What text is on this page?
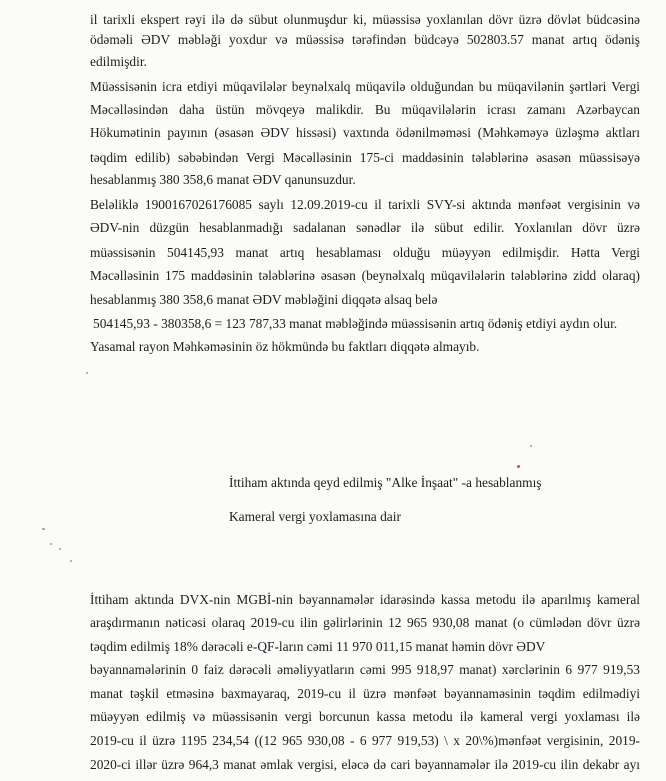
il tarixli ekspert rəyi ilə də sübut olunmuşdur ki, müəssisə yoxlanılan dövr üzrə dövlət büdcəsinə
ödəməli ƏDV məbləği yoxdur və müəssisə tərəfindən büdcəyə 502803.57 manat artıq ödəniş
edilmişdir.
Müəssisənin icra etdiyi müqavilələr beynəlxalq müqavilə olduğundan bu müqavilənin şərtləri Vergi
Məcəlləsindən daha üstün mövqeyə malikdir. Bu müqavilələrin icrası zamanı Azərbaycan
Hökumətinin payının (əsasən ƏDV hissəsi) vaxtında ödənilməməsi (Məhkəməyə üzləşmə aktları
təqdim edilib) səbəbindən Vergi Məcəlləsinin 175-ci maddəsinin tələblərinə əsasən müəssisəyə
hesablanmış 380 358,6 manat ƏDV qanunsuzdur.
Beləliklə 1900167026176085 saylı 12.09.2019-cu il tarixli SVY-si aktında mənfəət vergisinin və
ƏDV-nin düzgün hesablanmadığı sadalanan sənədlər ilə sübut edilir. Yoxlanılan dövr üzrə
müəssisənin 504145,93 manat artıq hesablaması olduğu müəyyən edilmişdir. Hətta Vergi
Məcəlləsinin 175 maddəsinin tələblərinə əsasən (beynəlxalq müqavilələrin tələblərinə zidd olaraq)
hesablanmış 380 358,6 manat ƏDV məbləğini diqqətə alsaq belə
504145,93 - 380358,6 = 123 787,33 manat məbləğində müəssisənin artıq ödəniş etdiyi aydın olur.
Yasamal rayon Məhkəməsinin öz hökmündə bu faktları diqqətə almayıb.
İttiham aktında qeyd edilmiş "Alke İnşaat" -a hesablanmış
Kameral vergi yoxlamasına dair
İttiham aktında DVX-nin MGBİ-nin bəyannamələr idarəsində kassa metodu ilə aparılmış kameral
araşdırmanın nəticəsi olaraq 2019-cu ilin gəlirlərinin 12 965 930,08 manat (o cümlədən dövr üzrə
təqdim edilmiş 18% dərəcəli e-QF-ların cəmi 11 970 011,15 manat həmin dövr ƏDV
bəyannamələrinin 0 faiz dərəcəli əməliyyatların cəmi 995 918,97 manat) xərclərinin 6 977 919,53
manat təşkil etməsinə baxmayaraq, 2019-cu il üzrə mənfəət bəyannaməsinin təqdim edilmədiyi
müəyyən edilmiş və müəssisənin vergi borcunun kassa metodu ilə kameral vergi yoxlaması ilə
2019-cu il üzrə 1195 234,54 ((12 965 930,08 - 6 977 919,53) \ x 20\%)mənfəət vergisinin, 2019-
2020-ci illər üzrə 964,3 manat əmlak vergisi, eləcə də cari bəyannamələr ilə 2019-cu ilin dekabr ayı
